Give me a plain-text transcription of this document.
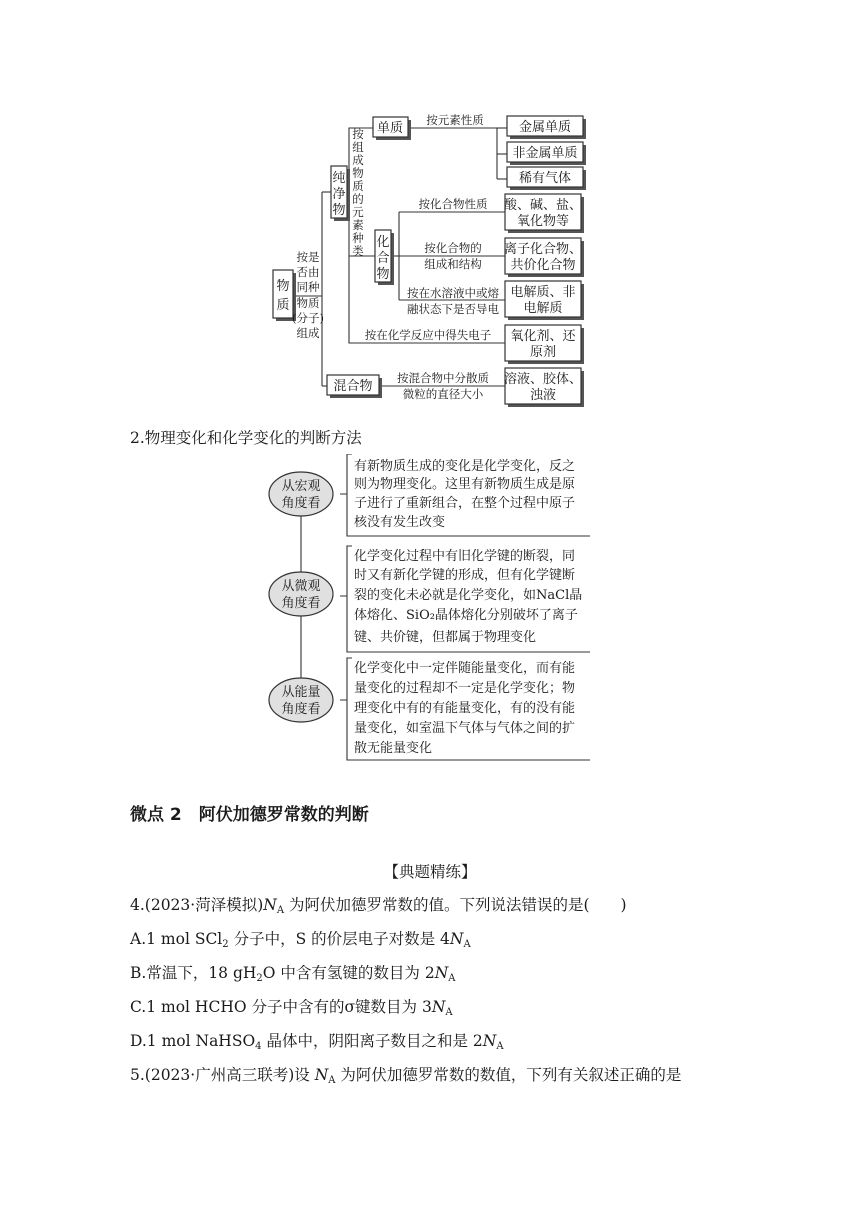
物
质
按是
否由
同种
物质
(分子)
组成
纯
净
物
按
组
成
物
质
的
元
素
种
类
单质
按元素性质	金属单质
非金属单质
稀有气体
化
合
物
按化合物性质 酸、碱、盐、
氧化物等
按化合物的
组成和结构
离子化合物、
共价化合物
按在水溶液中或熔
融状态下是否导电
电解质、非
电解质
按在化学反应中得失电子 氧化剂、还
原剂
混合物
按混合物中分散质
微粒的直径大小
溶液、胶体、
浊液
2.物理变化和化学变化的判断方法
从宏观
角度看
从微观
角度看
从能量
角度看
有新物质生成的变化是化学变化，反之
则为物理变化。这里有新物质生成是原
子进行了重新组合，在整个过程中原子
核没有发生改变
化学变化过程中有旧化学键的断裂，同
时又有新化学键的形成，但有化学键断
裂的变化未必就是化学变化，如NaCl晶
体熔化、SiO₂晶体熔化分别破坏了离子
键、共价键，但都属于物理变化
化学变化中一定伴随能量变化，而有能
量变化的过程却不一定是化学变化；物
理变化中有的有能量变化，有的没有能
量变化，如室温下气体与气体之间的扩
散无能量变化
微点 2　阿伏加德罗常数的判断
【典题精练】
4.(2023·菏泽模拟)$N_A$ 为阿伏加德罗常数的值。下列说法错误的是(　　)
A.1 mol SCl$_2$ 分子中，S 的价层电子对数是 $4N_A$
B.常温下，18 $gH_2O$ 中含有氢键的数目为 $2N_A$
C.1 mol HCHO 分子中含有的σ键数目为 $3N_A$
D.1 mol NaHSO$_4$ 晶体中，阴阳离子数目之和是 $2N_A$
5.(2023·广州高三联考)设 $N_A$ 为阿伏加德罗常数的数值，下列有关叙述正确的是
